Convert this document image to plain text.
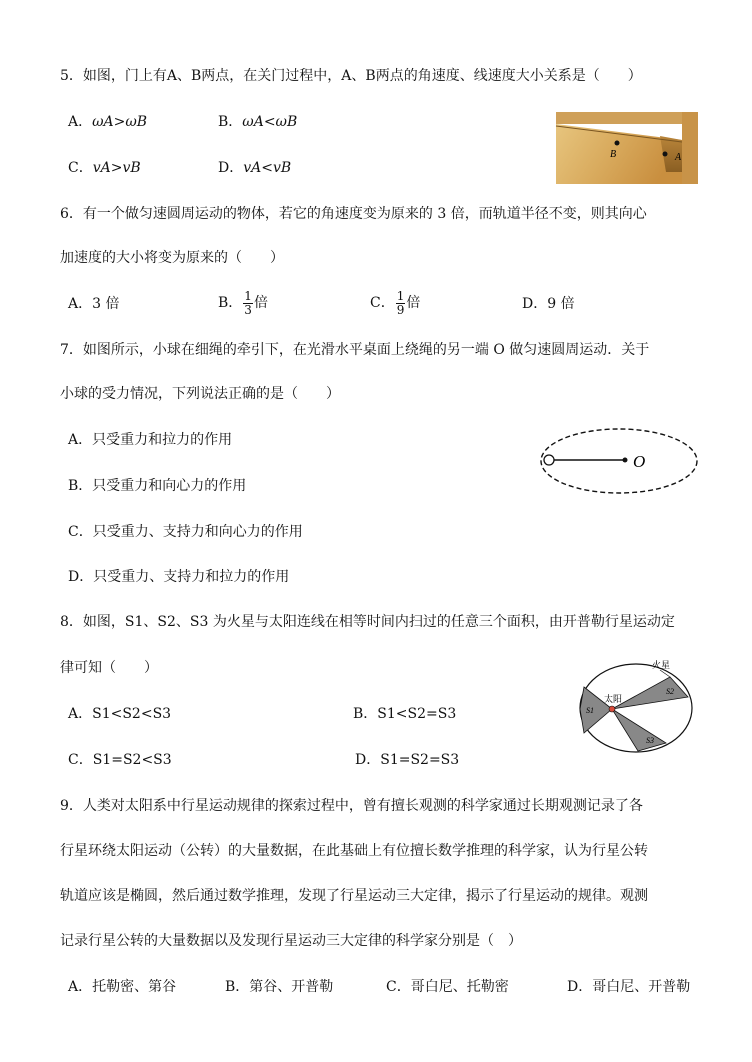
5．如图，门上有A、B两点，在关门过程中，A、B两点的角速度、线速度大小关系是（　　）
A．ωA>ωB	B．ωA<ωB
C．vA>vB	D．vA<vB
B	A
6．有一个做匀速圆周运动的物体，若它的角速度变为原来的 3 倍，而轨道半径不变，则其向心
加速度的大小将变为原来的（　　）
A．3 倍	B． $\frac{1}{3}$ 倍	C． $\frac{1}{9}$ 倍	D．9 倍
7．如图所示，小球在细绳的牵引下，在光滑水平桌面上绕绳的另一端 O 做匀速圆周运动．关于
小球的受力情况，下列说法正确的是（　　）
A．只受重力和拉力的作用
B．只受重力和向心力的作用
C．只受重力、支持力和向心力的作用
D．只受重力、支持力和拉力的作用
O
8．如图，S1、S2、S3 为火星与太阳连线在相等时间内扫过的任意三个面积，由开普勒行星运动定
律可知（　　）
A．S1<S2<S3	B．S1<S2=S3
C．S1=S2<S3	D．S1=S2=S3
火星
太阳
S1
S2
S3
9．人类对太阳系中行星运动规律的探索过程中，曾有擅长观测的科学家通过长期观测记录了各
行星环绕太阳运动（公转）的大量数据，在此基础上有位擅长数学推理的科学家，认为行星公转
轨道应该是椭圆，然后通过数学推理，发现了行星运动三大定律，揭示了行星运动的规律。观测
记录行星公转的大量数据以及发现行星运动三大定律的科学家分别是（　）
A．托勒密、第谷	B．第谷、开普勒	C．哥白尼、托勒密	D．哥白尼、开普勒
